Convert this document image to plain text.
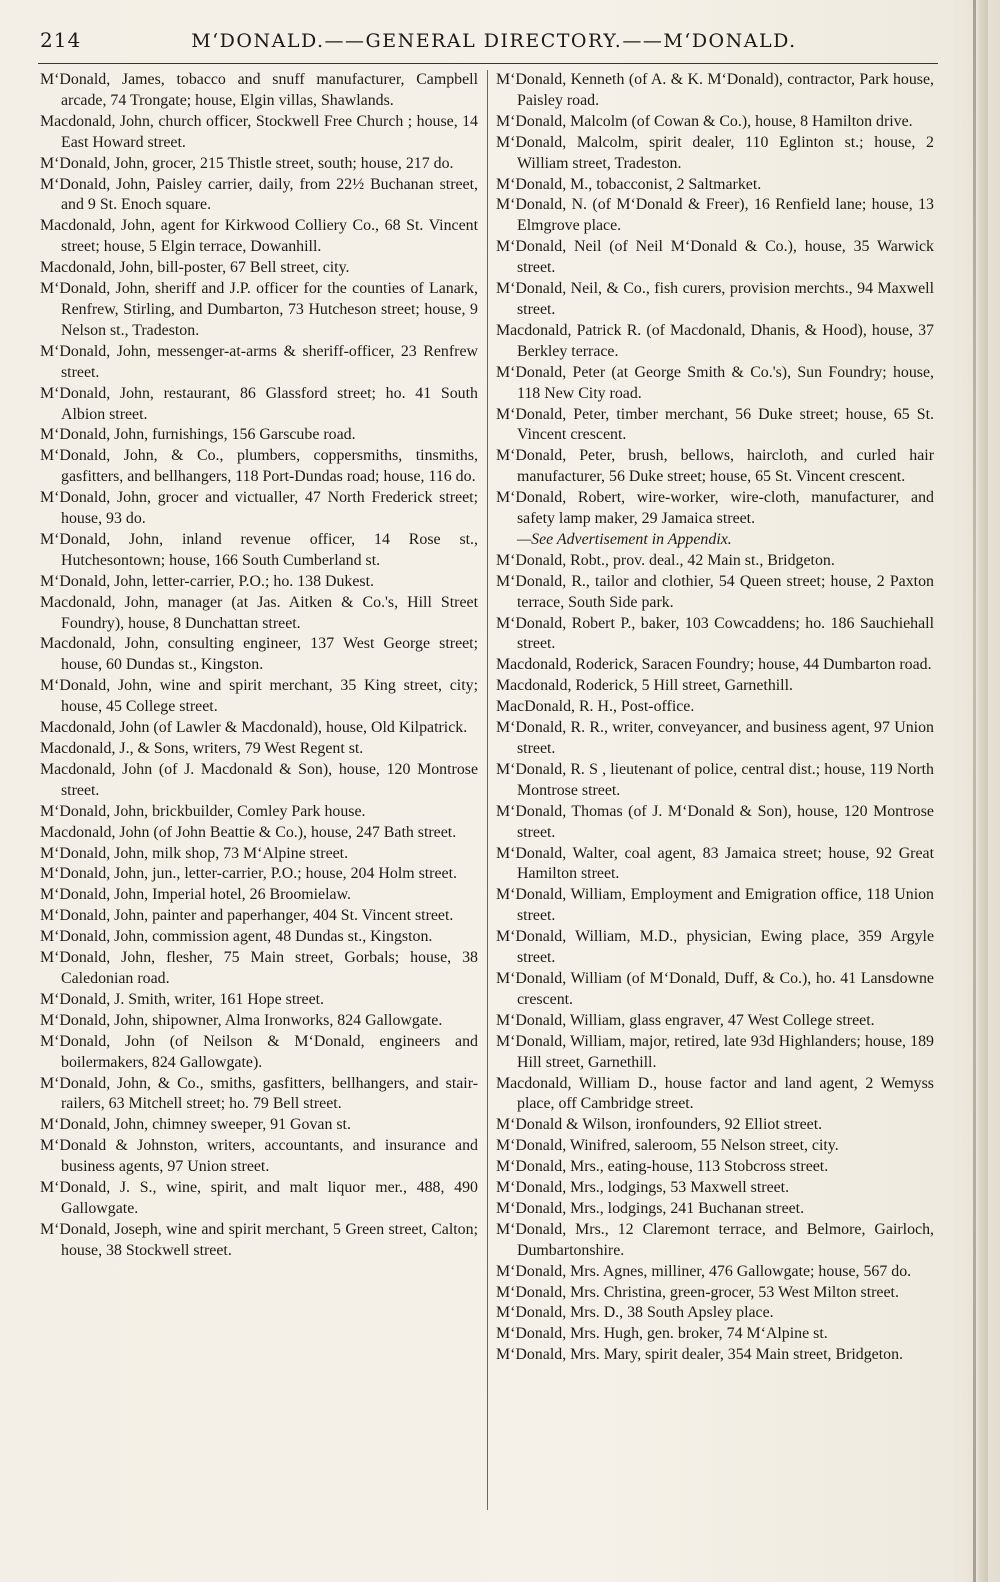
214	M‘DONALD.——GENERAL DIRECTORY.——M‘DONALD.
M‘Donald, James, tobacco and snuff manufacturer, Campbell arcade, 74 Trongate; house, Elgin villas, Shawlands.
Macdonald, John, church officer, Stockwell Free Church ; house, 14 East Howard street.
M‘Donald, John, grocer, 215 Thistle street, south; house, 217 do.
M‘Donald, John, Paisley carrier, daily, from 22½ Buchanan street, and 9 St. Enoch square.
Macdonald, John, agent for Kirkwood Colliery Co., 68 St. Vincent street; house, 5 Elgin terrace, Dowanhill.
Macdonald, John, bill-poster, 67 Bell street, city.
M‘Donald, John, sheriff and J.P. officer for the counties of Lanark, Renfrew, Stirling, and Dumbarton, 73 Hutcheson street; house, 9 Nelson st., Tradeston.
M‘Donald, John, messenger-at-arms & sheriff-officer, 23 Renfrew street.
M‘Donald, John, restaurant, 86 Glassford street; ho. 41 South Albion street.
M‘Donald, John, furnishings, 156 Garscube road.
M‘Donald, John, & Co., plumbers, coppersmiths, tinsmiths, gasfitters, and bellhangers, 118 Port-Dundas road; house, 116 do.
M‘Donald, John, grocer and victualler, 47 North Frederick street; house, 93 do.
M‘Donald, John, inland revenue officer, 14 Rose st., Hutchesontown; house, 166 South Cumberland st.
M‘Donald, John, letter-carrier, P.O.; ho. 138 Dukest.
Macdonald, John, manager (at Jas. Aitken & Co.'s, Hill Street Foundry), house, 8 Dunchattan street.
Macdonald, John, consulting engineer, 137 West George street; house, 60 Dundas st., Kingston.
M‘Donald, John, wine and spirit merchant, 35 King street, city; house, 45 College street.
Macdonald, John (of Lawler & Macdonald), house, Old Kilpatrick.
Macdonald, J., & Sons, writers, 79 West Regent st.
Macdonald, John (of J. Macdonald & Son), house, 120 Montrose street.
M‘Donald, John, brickbuilder, Comley Park house.
Macdonald, John (of John Beattie & Co.), house, 247 Bath street.
M‘Donald, John, milk shop, 73 M‘Alpine street.
M‘Donald, John, jun., letter-carrier, P.O.; house, 204 Holm street.
M‘Donald, John, Imperial hotel, 26 Broomielaw.
M‘Donald, John, painter and paperhanger, 404 St. Vincent street.
M‘Donald, John, commission agent, 48 Dundas st., Kingston.
M‘Donald, John, flesher, 75 Main street, Gorbals; house, 38 Caledonian road.
M‘Donald, J. Smith, writer, 161 Hope street.
M‘Donald, John, shipowner, Alma Ironworks, 824 Gallowgate.
M‘Donald, John (of Neilson & M‘Donald, engineers and boilermakers, 824 Gallowgate).
M‘Donald, John, & Co., smiths, gasfitters, bellhangers, and stair-railers, 63 Mitchell street; ho. 79 Bell street.
M‘Donald, John, chimney sweeper, 91 Govan st.
M‘Donald & Johnston, writers, accountants, and insurance and business agents, 97 Union street.
M‘Donald, J. S., wine, spirit, and malt liquor mer., 488, 490 Gallowgate.
M‘Donald, Joseph, wine and spirit merchant, 5 Green street, Calton; house, 38 Stockwell street.
M‘Donald, Kenneth (of A. & K. M‘Donald), contractor, Park house, Paisley road.
M‘Donald, Malcolm (of Cowan & Co.), house, 8 Hamilton drive.
M‘Donald, Malcolm, spirit dealer, 110 Eglinton st.; house, 2 William street, Tradeston.
M‘Donald, M., tobacconist, 2 Saltmarket.
M‘Donald, N. (of M‘Donald & Freer), 16 Renfield lane; house, 13 Elmgrove place.
M‘Donald, Neil (of Neil M‘Donald & Co.), house, 35 Warwick street.
M‘Donald, Neil, & Co., fish curers, provision merchts., 94 Maxwell street.
Macdonald, Patrick R. (of Macdonald, Dhanis, & Hood), house, 37 Berkley terrace.
M‘Donald, Peter (at George Smith & Co.'s), Sun Foundry; house, 118 New City road.
M‘Donald, Peter, timber merchant, 56 Duke street; house, 65 St. Vincent crescent.
M‘Donald, Peter, brush, bellows, haircloth, and curled hair manufacturer, 56 Duke street; house, 65 St. Vincent crescent.
M‘Donald, Robert, wire-worker, wire-cloth, manufacturer, and safety lamp maker, 29 Jamaica street.
—See Advertisement in Appendix.
M‘Donald, Robt., prov. deal., 42 Main st., Bridgeton.
M‘Donald, R., tailor and clothier, 54 Queen street; house, 2 Paxton terrace, South Side park.
M‘Donald, Robert P., baker, 103 Cowcaddens; ho. 186 Sauchiehall street.
Macdonald, Roderick, Saracen Foundry; house, 44 Dumbarton road.
Macdonald, Roderick, 5 Hill street, Garnethill.
MacDonald, R. H., Post-office.
M‘Donald, R. R., writer, conveyancer, and business agent, 97 Union street.
M‘Donald, R. S , lieutenant of police, central dist.; house, 119 North Montrose street.
M‘Donald, Thomas (of J. M‘Donald & Son), house, 120 Montrose street.
M‘Donald, Walter, coal agent, 83 Jamaica street; house, 92 Great Hamilton street.
M‘Donald, William, Employment and Emigration office, 118 Union street.
M‘Donald, William, M.D., physician, Ewing place, 359 Argyle street.
M‘Donald, William (of M‘Donald, Duff, & Co.), ho. 41 Lansdowne crescent.
M‘Donald, William, glass engraver, 47 West College street.
M‘Donald, William, major, retired, late 93d Highlanders; house, 189 Hill street, Garnethill.
Macdonald, William D., house factor and land agent, 2 Wemyss place, off Cambridge street.
M‘Donald & Wilson, ironfounders, 92 Elliot street.
M‘Donald, Winifred, saleroom, 55 Nelson street, city.
M‘Donald, Mrs., eating-house, 113 Stobcross street.
M‘Donald, Mrs., lodgings, 53 Maxwell street.
M‘Donald, Mrs., lodgings, 241 Buchanan street.
M‘Donald, Mrs., 12 Claremont terrace, and Belmore, Gairloch, Dumbartonshire.
M‘Donald, Mrs. Agnes, milliner, 476 Gallowgate; house, 567 do.
M‘Donald, Mrs. Christina, green-grocer, 53 West Milton street.
M‘Donald, Mrs. D., 38 South Apsley place.
M‘Donald, Mrs. Hugh, gen. broker, 74 M‘Alpine st.
M‘Donald, Mrs. Mary, spirit dealer, 354 Main street, Bridgeton.
